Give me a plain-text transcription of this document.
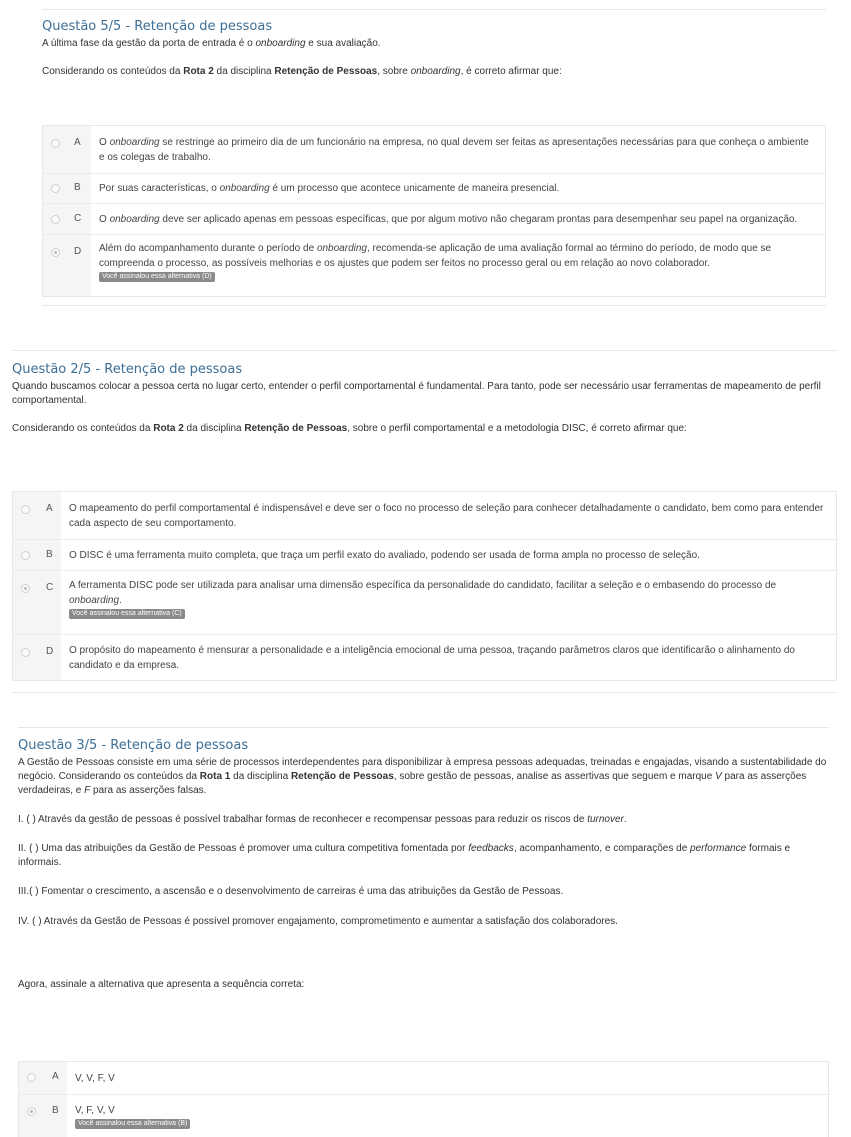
Questão 5/5 - Retenção de pessoas

A última fase da gestão da porta de entrada é o onboarding e sua avaliação.

Considerando os conteúdos da Rota 2 da disciplina Retenção de Pessoas, sobre onboarding, é correto afirmar que:

A O onboarding se restringe ao primeiro dia de um funcionário na empresa, no qual devem ser feitas as apresentações necessárias para que conheça o ambiente e os colegas de trabalho.
B Por suas características, o onboarding é um processo que acontece unicamente de maneira presencial.
C O onboarding deve ser aplicado apenas em pessoas específicas, que por algum motivo não chegaram prontas para desempenhar seu papel na organização.
D Além do acompanhamento durante o período de onboarding, recomenda-se aplicação de uma avaliação formal ao término do período, de modo que se compreenda o processo, as possíveis melhorias e os ajustes que podem ser feitos no processo geral ou em relação ao novo colaborador.
Você assinalou essa alternativa (D)
Questão 2/5 - Retenção de pessoas

Quando buscamos colocar a pessoa certa no lugar certo, entender o perfil comportamental é fundamental. Para tanto, pode ser necessário usar ferramentas de mapeamento de perfil comportamental.

Considerando os conteúdos da Rota 2 da disciplina Retenção de Pessoas, sobre o perfil comportamental e a metodologia DISC, é correto afirmar que:

A O mapeamento do perfil comportamental é indispensável e deve ser o foco no processo de seleção para conhecer detalhadamente o candidato, bem como para entender cada aspecto de seu comportamento.
B O DISC é uma ferramenta muito completa, que traça um perfil exato do avaliado, podendo ser usada de forma ampla no processo de seleção.
C A ferramenta DISC pode ser utilizada para analisar uma dimensão específica da personalidade do candidato, facilitar a seleção e o embasendo do processo de onboarding.
Você assinalou essa alternativa (C)
D O propósito do mapeamento é mensurar a personalidade e a inteligência emocional de uma pessoa, traçando parâmetros claros que identificarão o alinhamento do candidato e da empresa.
Questão 3/5 - Retenção de pessoas

A Gestão de Pessoas consiste em uma série de processos interdependentes para disponibilizar à empresa pessoas adequadas, treinadas e engajadas, visando a sustentabilidade do negócio. Considerando os conteúdos da Rota 1 da disciplina Retenção de Pessoas, sobre gestão de pessoas, analise as assertivas que seguem e marque V para as asserções verdadeiras, e F para as asserções falsas.

I. ( ) Através da gestão de pessoas é possível trabalhar formas de reconhecer e recompensar pessoas para reduzir os riscos de turnover.

II. ( ) Uma das atribuições da Gestão de Pessoas é promover uma cultura competitiva fomentada por feedbacks, acompanhamento, e comparações de performance formais e informais.

III.( ) Fomentar o crescimento, a ascensão e o desenvolvimento de carreiras é uma das atribuições da Gestão de Pessoas.

IV. ( ) Através da Gestão de Pessoas é possível promover engajamento, comprometimento e aumentar a satisfação dos colaboradores.

Agora, assinale a alternativa que apresenta a sequência correta:

A V, V, F, V
B V, F, V, V
Você assinalou essa alternativa (B)
